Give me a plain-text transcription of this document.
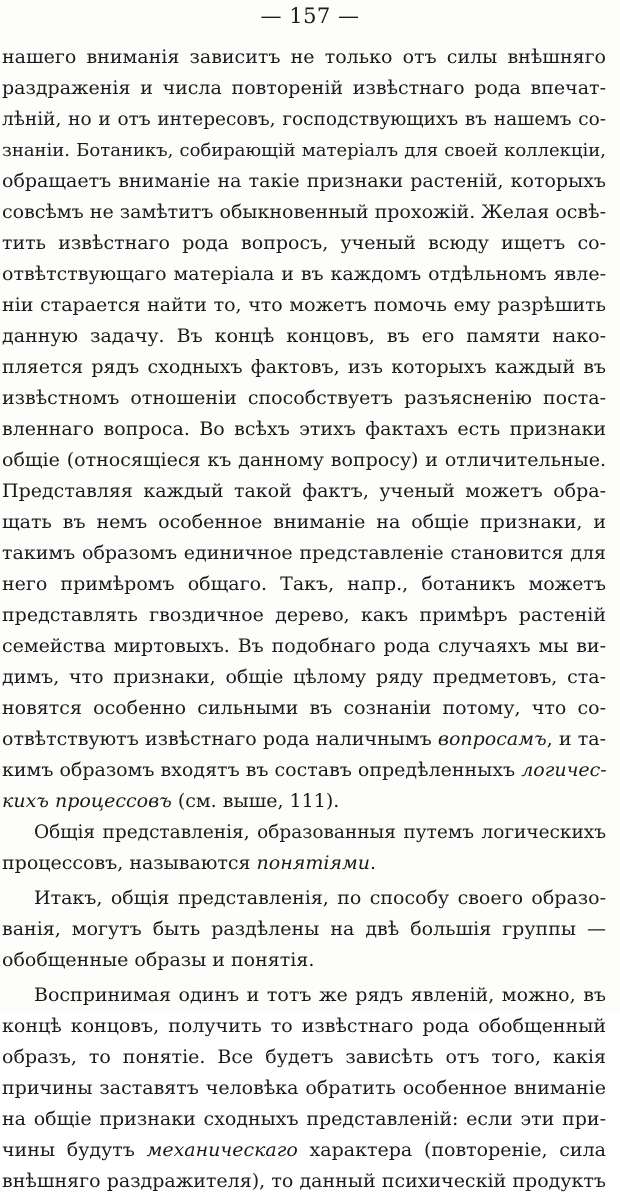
— 157 —
нашего вниманія зависитъ не только отъ силы внѣшняго
раздраженія и числа повтореній извѣстнаго рода впечат-
лѣній, но и отъ интересовъ, господствующихъ въ нашемъ со-
знаніи. Ботаникъ, собирающій матеріалъ для своей коллекціи,
обращаетъ вниманіе на такіе признаки растеній, которыхъ
совсѣмъ не замѣтитъ обыкновенный прохожій. Желая освѣ-
тить извѣстнаго рода вопросъ, ученый всюду ищетъ со-
отвѣтствующаго матеріала и въ каждомъ отдѣльномъ явле-
ніи старается найти то, что можетъ помочь ему разрѣшить
данную задачу. Въ концѣ концовъ, въ его памяти нако-
пляется рядъ сходныхъ фактовъ, изъ которыхъ каждый въ
извѣстномъ отношеніи способствуетъ разъясненію поста-
вленнаго вопроса. Во всѣхъ этихъ фактахъ есть признаки
общіе (относящіеся къ данному вопросу) и отличительные.
Представляя каждый такой фактъ, ученый можетъ обра-
щать въ немъ особенное вниманіе на общіе признаки, и
такимъ образомъ единичное представленіе становится для
него примѣромъ общаго. Такъ, напр., ботаникъ можетъ
представлять гвоздичное дерево, какъ примѣръ растеній
семейства миртовыхъ. Въ подобнаго рода случаяхъ мы ви-
димъ, что признаки, общіе цѣлому ряду предметовъ, ста-
новятся особенно сильными въ сознаніи потому, что со-
отвѣтствуютъ извѣстнаго рода наличнымъ вопросамъ, и та-
кимъ образомъ входятъ въ составъ опредѣленныхъ логичес-
кихъ процессовъ (см. выше, 111).
Общія представленія, образованныя путемъ логическихъ
процессовъ, называются понятіями.
Итакъ, общія представленія, по способу своего образо-
ванія, могутъ быть раздѣлены на двѣ большія группы —
обобщенные образы и понятія.
Воспринимая одинъ и тотъ же рядъ явленій, можно, въ
концѣ концовъ, получить то извѣстнаго рода обобщенный
образъ, то понятіе. Все будетъ зависѣть отъ того, какія
причины заставятъ человѣка обратить особенное вниманіе
на общіе признаки сходныхъ представленій: если эти при-
чины будутъ механическаго характера (повтореніе, сила
внѣшняго раздражителя), то данный психическій продуктъ
